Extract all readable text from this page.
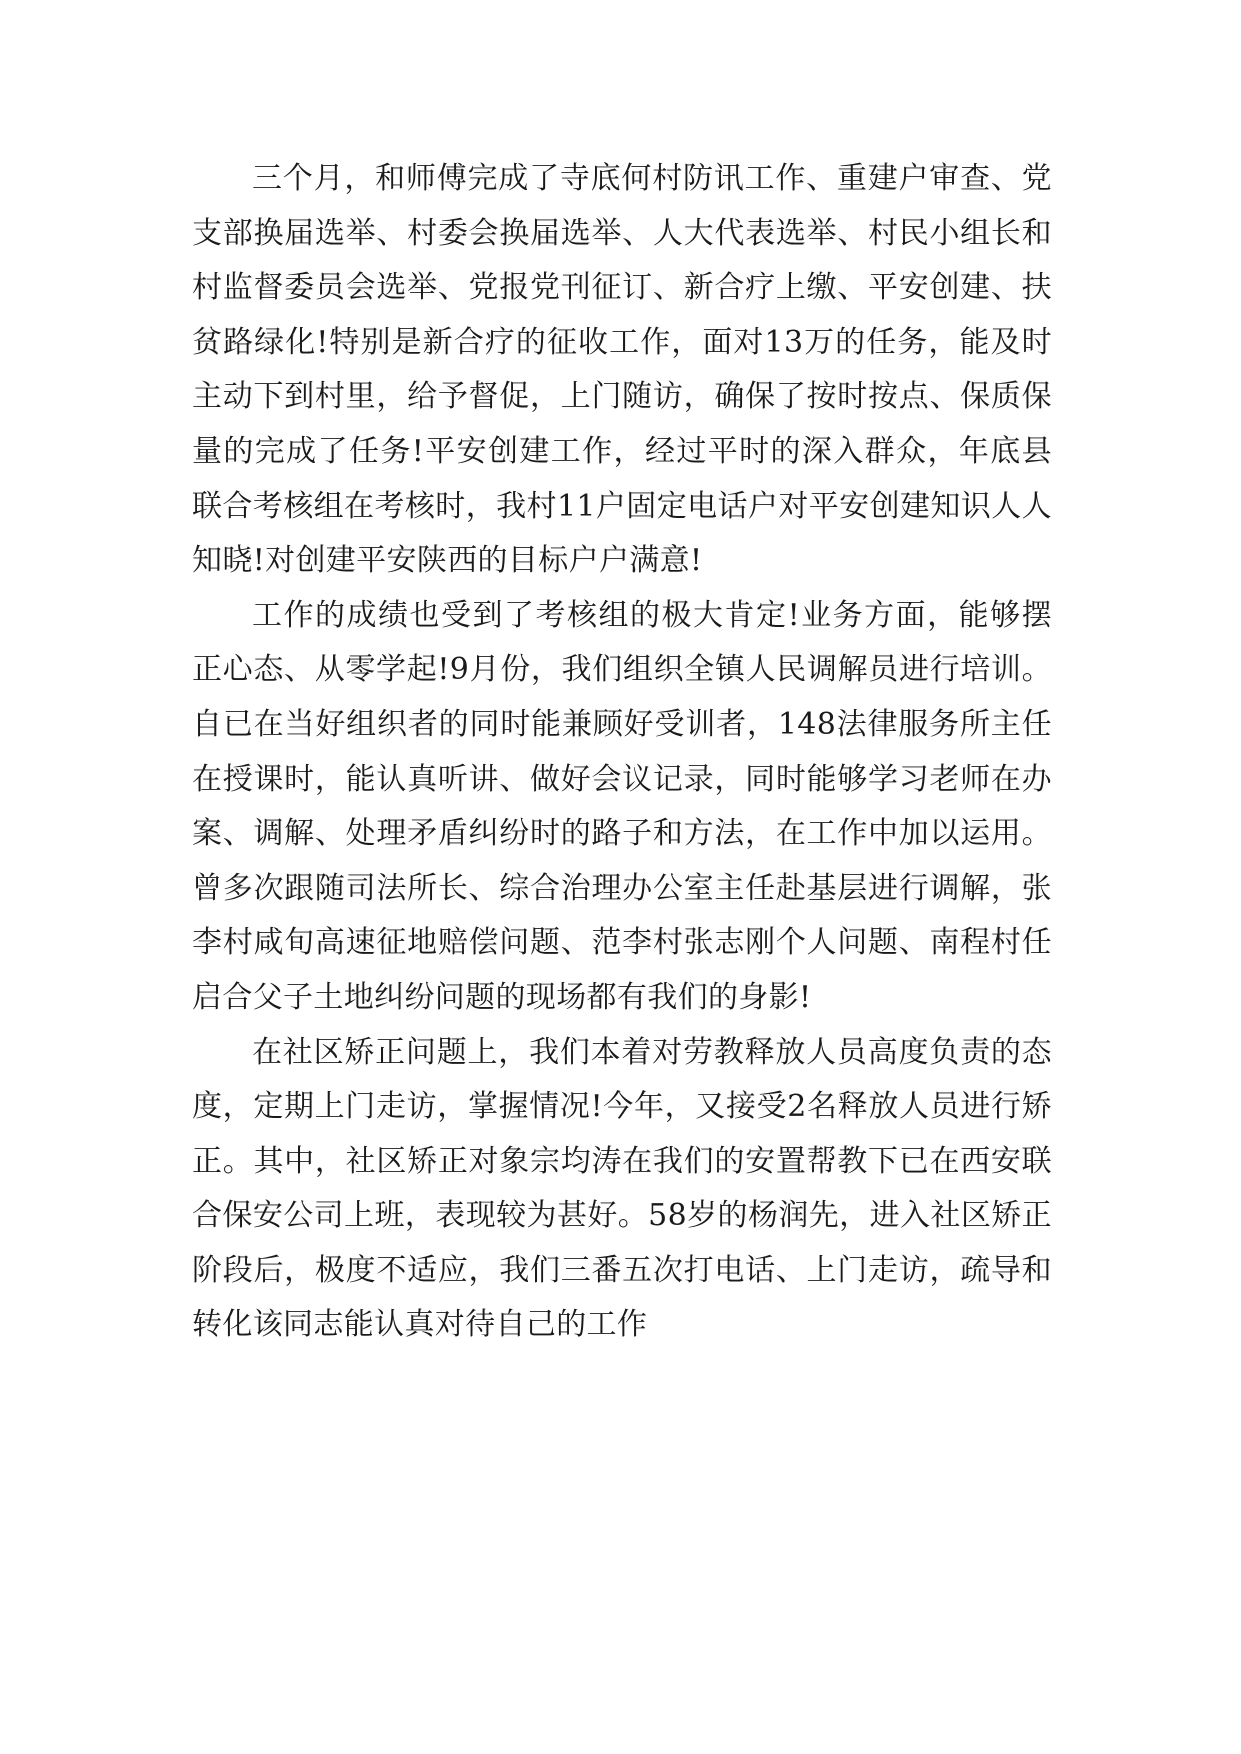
三个月，和师傅完成了寺底何村防讯工作、重建户审查、党支部换届选举、村委会换届选举、人大代表选举、村民小组长和村监督委员会选举、党报党刊征订、新合疗上缴、平安创建、扶贫路绿化!特别是新合疗的征收工作，面对13万的任务，能及时主动下到村里，给予督促，上门随访，确保了按时按点、保质保量的完成了任务!平安创建工作，经过平时的深入群众，年底县联合考核组在考核时，我村11户固定电话户对平安创建知识人人知晓!对创建平安陕西的目标户户满意!

工作的成绩也受到了考核组的极大肯定!业务方面，能够摆正心态、从零学起!9月份，我们组织全镇人民调解员进行培训。自已在当好组织者的同时能兼顾好受训者，148法律服务所主任在授课时，能认真听讲、做好会议记录，同时能够学习老师在办案、调解、处理矛盾纠纷时的路子和方法，在工作中加以运用。曾多次跟随司法所长、综合治理办公室主任赴基层进行调解，张李村咸旬高速征地赔偿问题、范李村张志刚个人问题、南程村任启合父子土地纠纷问题的现场都有我们的身影!

在社区矫正问题上，我们本着对劳教释放人员高度负责的态度，定期上门走访，掌握情况!今年，又接受2名释放人员进行矫正。其中，社区矫正对象宗均涛在我们的安置帮教下已在西安联合保安公司上班，表现较为甚好。58岁的杨润先，进入社区矫正阶段后，极度不适应，我们三番五次打电话、上门走访，疏导和转化该同志能认真对待自己的工作
